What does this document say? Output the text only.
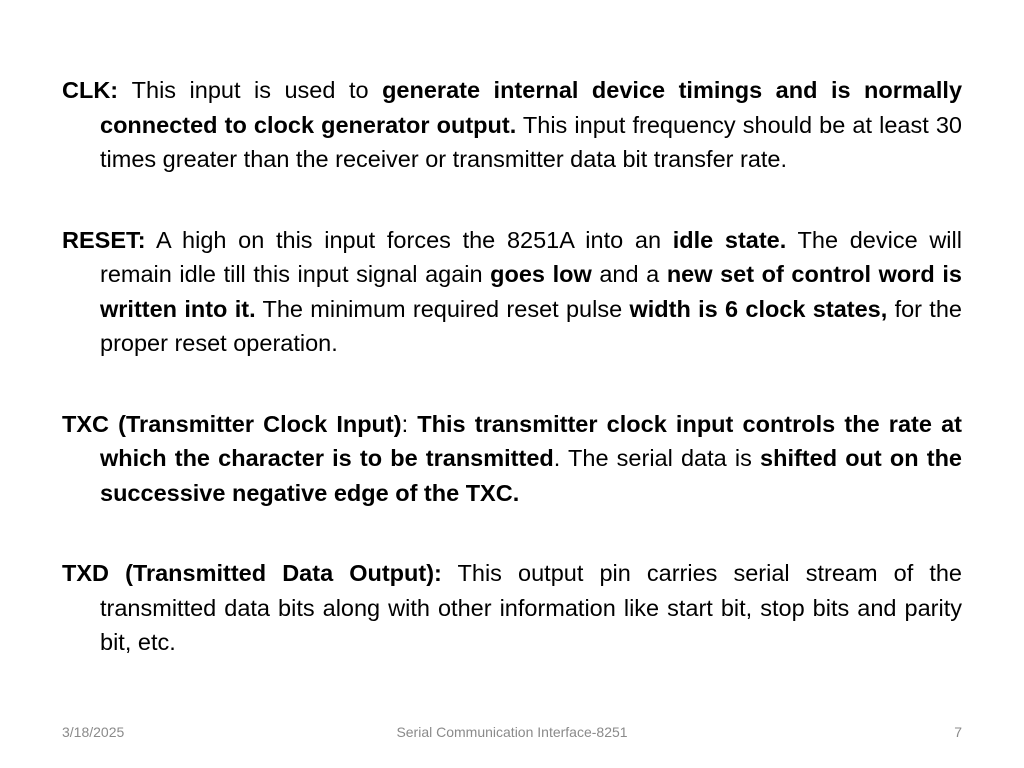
CLK: This input is used to generate internal device timings and is normally connected to clock generator output. This input frequency should be at least 30 times greater than the receiver or transmitter data bit transfer rate.

RESET: A high on this input forces the 8251A into an idle state. The device will remain idle till this input signal again goes low and a new set of control word is written into it. The minimum required reset pulse width is 6 clock states, for the proper reset operation.

TXC (Transmitter Clock Input): This transmitter clock input controls the rate at which the character is to be transmitted. The serial data is shifted out on the successive negative edge of the TXC.

TXD (Transmitted Data Output): This output pin carries serial stream of the transmitted data bits along with other information like start bit, stop bits and parity bit, etc.

3/18/2025	Serial Communication Interface-8251	7
